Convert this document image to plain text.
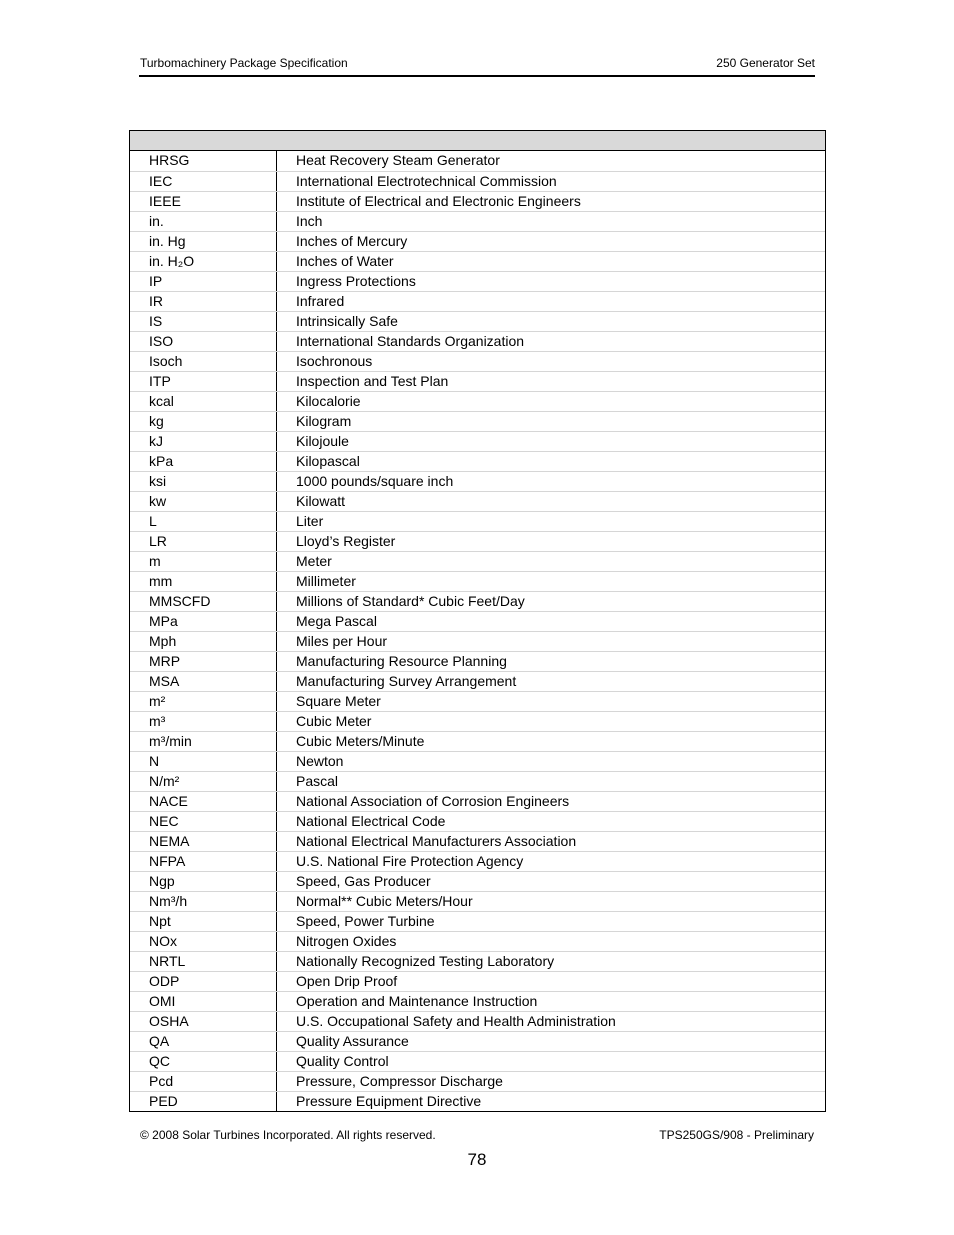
Turbomachinery Package Specification	250 Generator Set
HRSG	Heat Recovery Steam Generator
IEC	International Electrotechnical Commission
IEEE	Institute of Electrical and Electronic Engineers
in.	Inch
in. Hg	Inches of Mercury
in. H₂O	Inches of Water
IP	Ingress Protections
IR	Infrared
IS	Intrinsically Safe
ISO	International Standards Organization
Isoch	Isochronous
ITP	Inspection and Test Plan
kcal	Kilocalorie
kg	Kilogram
kJ	Kilojoule
kPa	Kilopascal
ksi	1000 pounds/square inch
kw	Kilowatt
L	Liter
LR	Lloyd’s Register
m	Meter
mm	Millimeter
MMSCFD	Millions of Standard* Cubic Feet/Day
MPa	Mega Pascal
Mph	Miles per Hour
MRP	Manufacturing Resource Planning
MSA	Manufacturing Survey Arrangement
m²	Square Meter
m³	Cubic Meter
m³/min	Cubic Meters/Minute
N	Newton
N/m²	Pascal
NACE	National Association of Corrosion Engineers
NEC	National Electrical Code
NEMA	National Electrical Manufacturers Association
NFPA	U.S. National Fire Protection Agency
Ngp	Speed, Gas Producer
Nm³/h	Normal** Cubic Meters/Hour
Npt	Speed, Power Turbine
NOx	Nitrogen Oxides
NRTL	Nationally Recognized Testing Laboratory
ODP	Open Drip Proof
OMI	Operation and Maintenance Instruction
OSHA	U.S. Occupational Safety and Health Administration
QA	Quality Assurance
QC	Quality Control
Pcd	Pressure, Compressor Discharge
PED	Pressure Equipment Directive
© 2008 Solar Turbines Incorporated. All rights reserved.	TPS250GS/908 - Preliminary
78
